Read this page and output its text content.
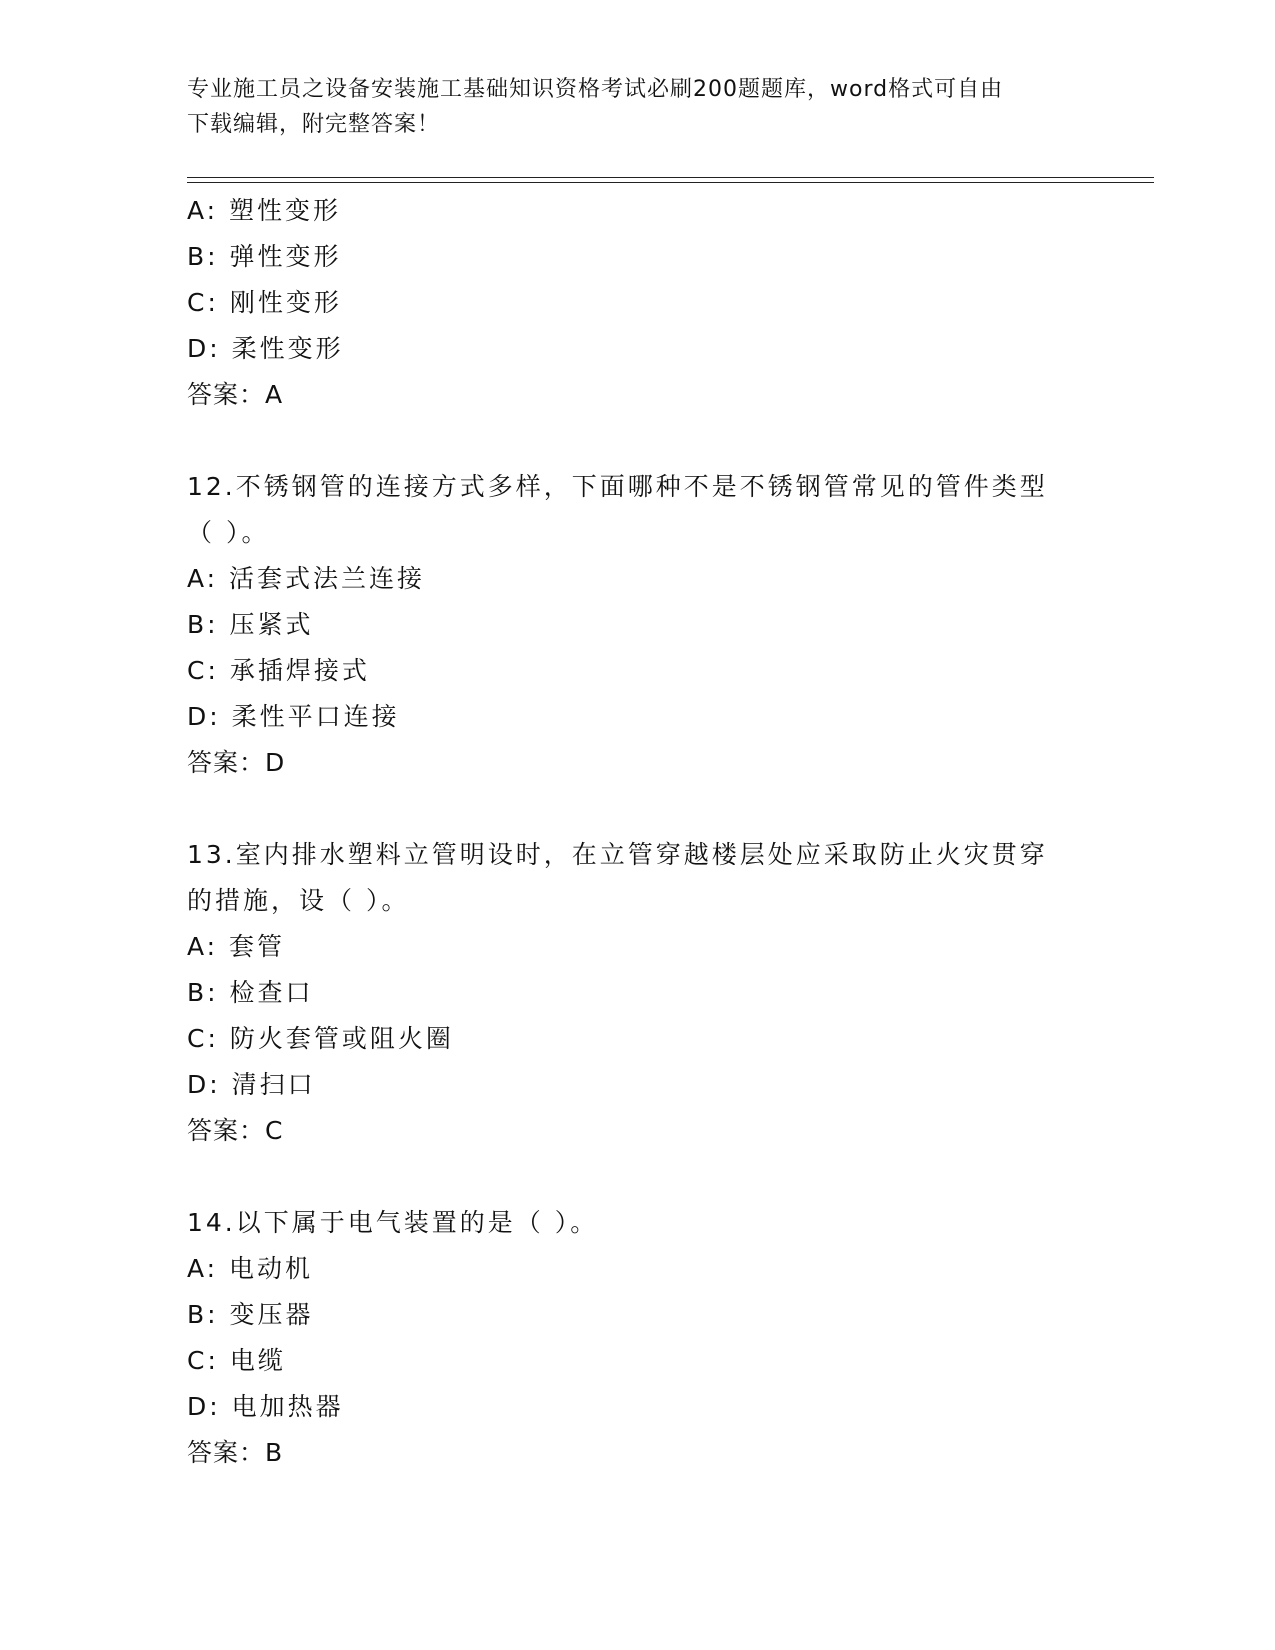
专业施工员之设备安装施工基础知识资格考试必刷200题题库，word格式可自由
下载编辑，附完整答案！
A: 塑性变形
B: 弹性变形
C: 刚性变形
D: 柔性变形
答案：A
12.不锈钢管的连接方式多样，下面哪种不是不锈钢管常见的管件类型
（ ）。
A: 活套式法兰连接
B: 压紧式
C: 承插焊接式
D: 柔性平口连接
答案：D
13.室内排水塑料立管明设时，在立管穿越楼层处应采取防止火灾贯穿
的措施，设（ ）。
A: 套管
B: 检查口
C: 防火套管或阻火圈
D: 清扫口
答案：C
14.以下属于电气装置的是（ ）。
A: 电动机
B: 变压器
C: 电缆
D: 电加热器
答案：B
